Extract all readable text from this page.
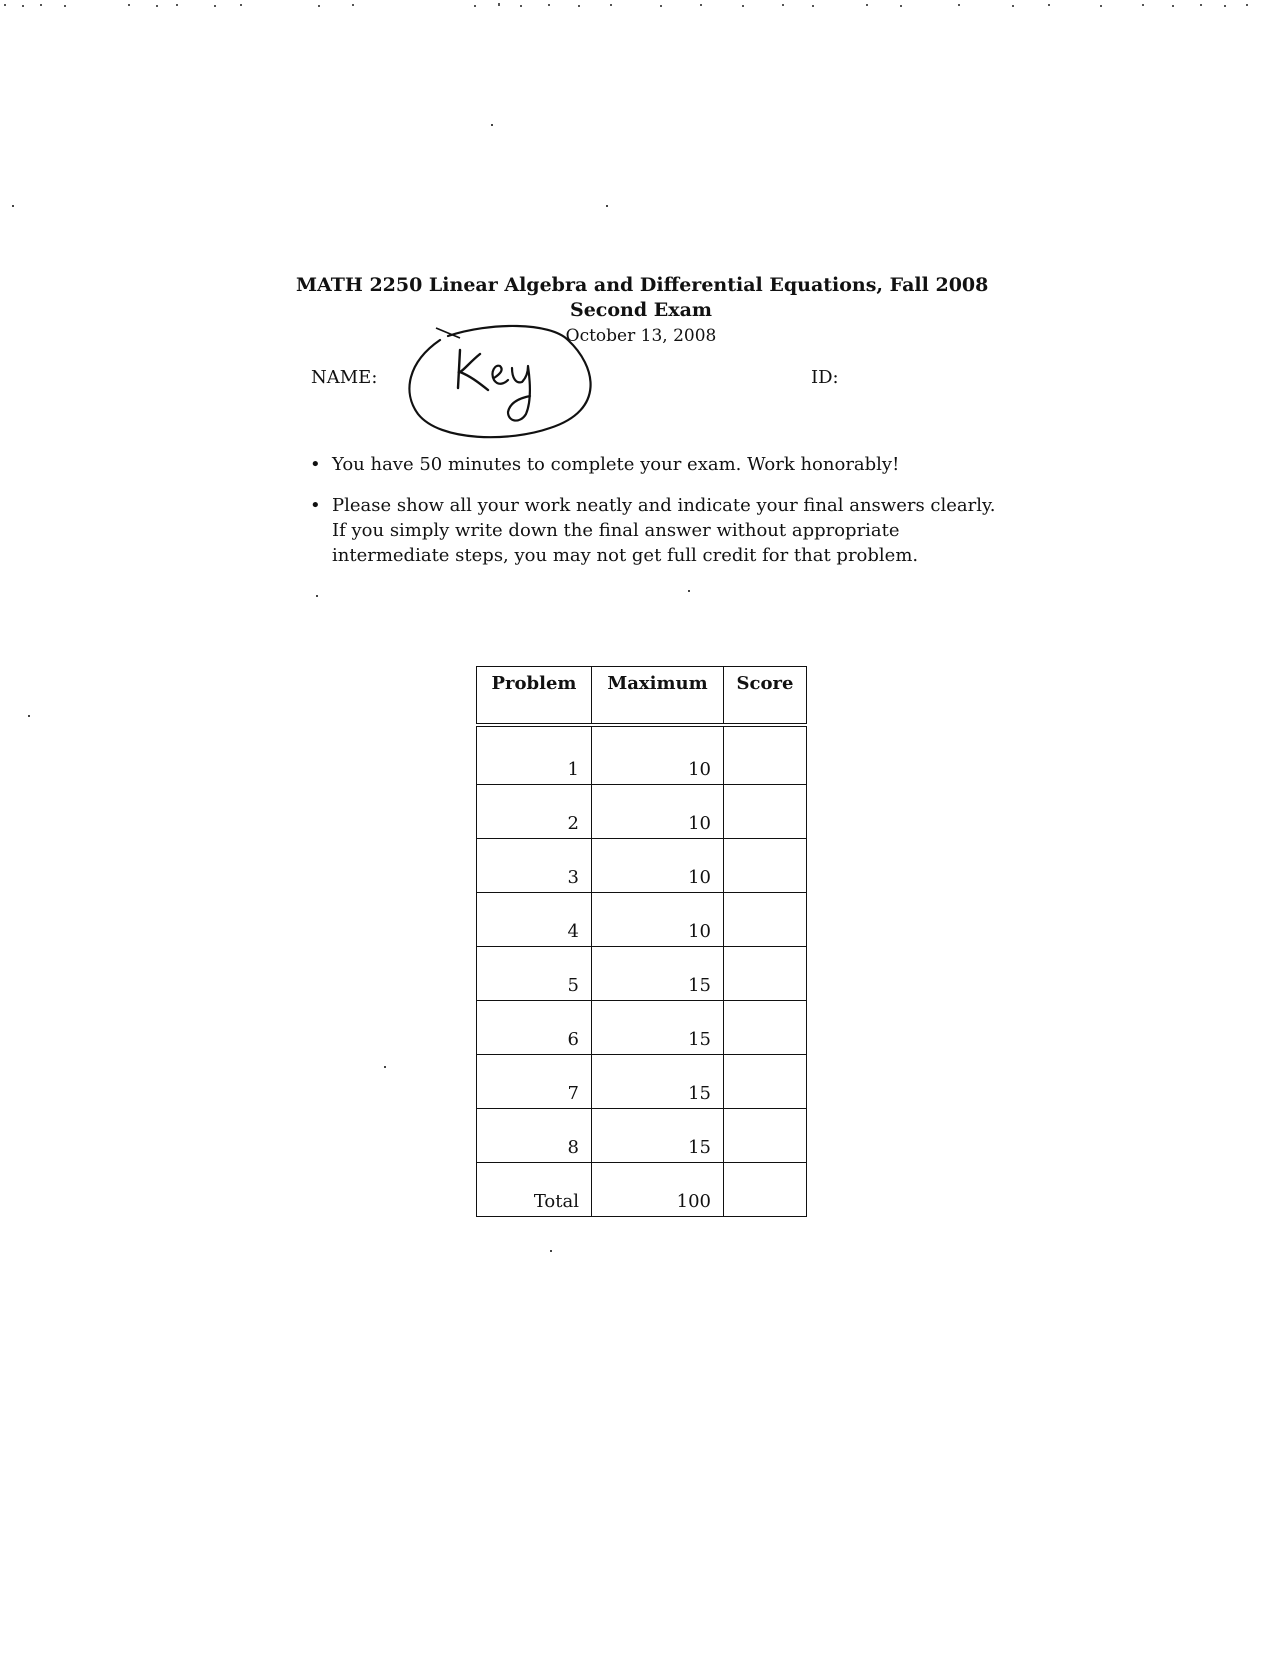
MATH 2250 Linear Algebra and Differential Equations, Fall 2008
Second Exam
October 13, 2008
NAME:	ID:
• You have 50 minutes to complete your exam. Work honorably!
• Please show all your work neatly and indicate your final answers clearly. If you simply write down the final answer without appropriate intermediate steps, you may not get full credit for that problem.
Problem	Maximum	Score
1	10	
2	10	
3	10	
4	10	
5	15	
6	15	
7	15	
8	15	
Total	100	
